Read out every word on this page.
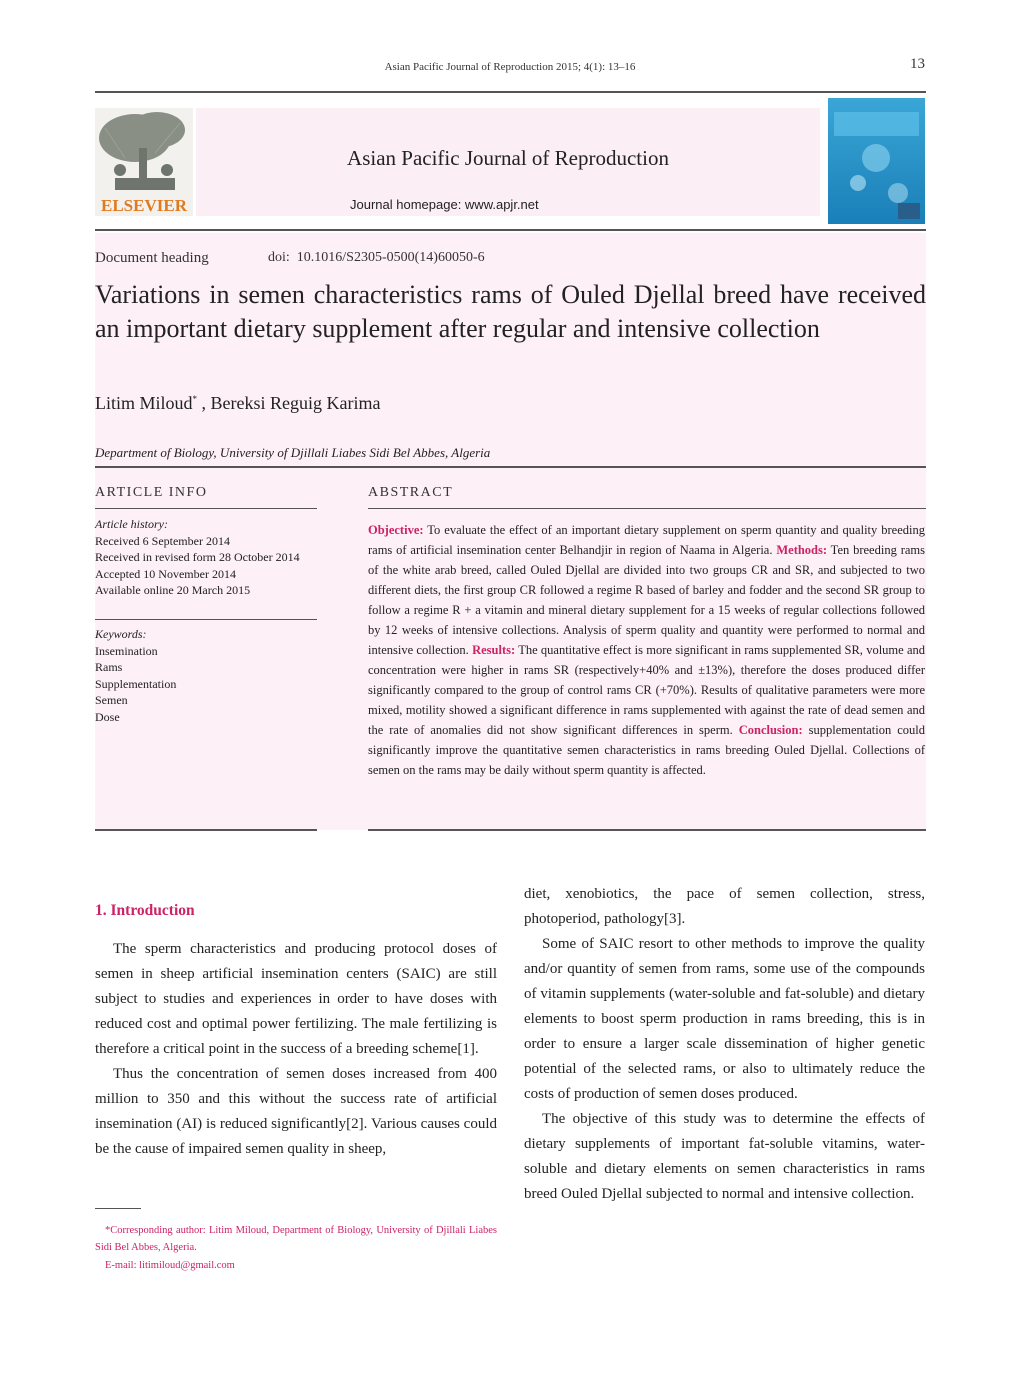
Asian Pacific Journal of Reproduction 2015; 4(1): 13–16	13
ELSEVIER
Asian Pacific Journal of Reproduction
Journal homepage: www.apjr.net
Document heading	doi: 10.1016/S2305-0500(14)60050-6
Variations in semen characteristics rams of Ouled Djellal breed have received an important dietary supplement after regular and intensive collection
Litim Miloud* , Bereksi Reguig Karima
Department of Biology, University of Djillali Liabes Sidi Bel Abbes, Algeria
ARTICLE INFO
Article history:
Received 6 September 2014
Received in revised form 28 October 2014
Accepted 10 November 2014
Available online 20 March 2015
Keywords:
Insemination
Rams
Supplementation
Semen
Dose
ABSTRACT
Objective: To evaluate the effect of an important dietary supplement on sperm quantity and quality breeding rams of artificial insemination center Belhandjir in region of Naama in Algeria. Methods: Ten breeding rams of the white arab breed, called Ouled Djellal are divided into two groups CR and SR, and subjected to two different diets, the first group CR followed a regime R based of barley and fodder and the second SR group to follow a regime R + a vitamin and mineral dietary supplement for a 15 weeks of regular collections followed by 12 weeks of intensive collections. Analysis of sperm quality and quantity were performed to normal and intensive collection. Results: The quantitative effect is more significant in rams supplemented SR, volume and concentration were higher in rams SR (respectively+40% and ±13%), therefore the doses produced differ significantly compared to the group of control rams CR (+70%). Results of qualitative parameters were more mixed, motility showed a significant difference in rams supplemented with against the rate of dead semen and the rate of anomalies did not show significant differences in sperm. Conclusion: supplementation could significantly improve the quantitative semen characteristics in rams breeding Ouled Djellal. Collections of semen on the rams may be daily without sperm quantity is affected.
1. Introduction

The sperm characteristics and producing protocol doses of semen in sheep artificial insemination centers (SAIC) are still subject to studies and experiences in order to have doses with reduced cost and optimal power fertilizing. The male fertilizing is therefore a critical point in the success of a breeding scheme[1].

Thus the concentration of semen doses increased from 400 million to 350 and this without the success rate of artificial insemination (AI) is reduced significantly[2]. Various causes could be the cause of impaired semen quality in sheep,

diet, xenobiotics, the pace of semen collection, stress, photoperiod, pathology[3].

Some of SAIC resort to other methods to improve the quality and/or quantity of semen from rams, some use of the compounds of vitamin supplements (water-soluble and fat-soluble) and dietary elements to boost sperm production in rams breeding, this is in order to ensure a larger scale dissemination of higher genetic potential of the selected rams, or also to ultimately reduce the costs of production of semen doses produced.

The objective of this study was to determine the effects of dietary supplements of important fat-soluble vitamins, water-soluble and dietary elements on semen characteristics in rams breed Ouled Djellal subjected to normal and intensive collection.

*Corresponding author: Litim Miloud, Department of Biology, University of Djillali Liabes Sidi Bel Abbes, Algeria.
E-mail: litimiloud@gmail.com
